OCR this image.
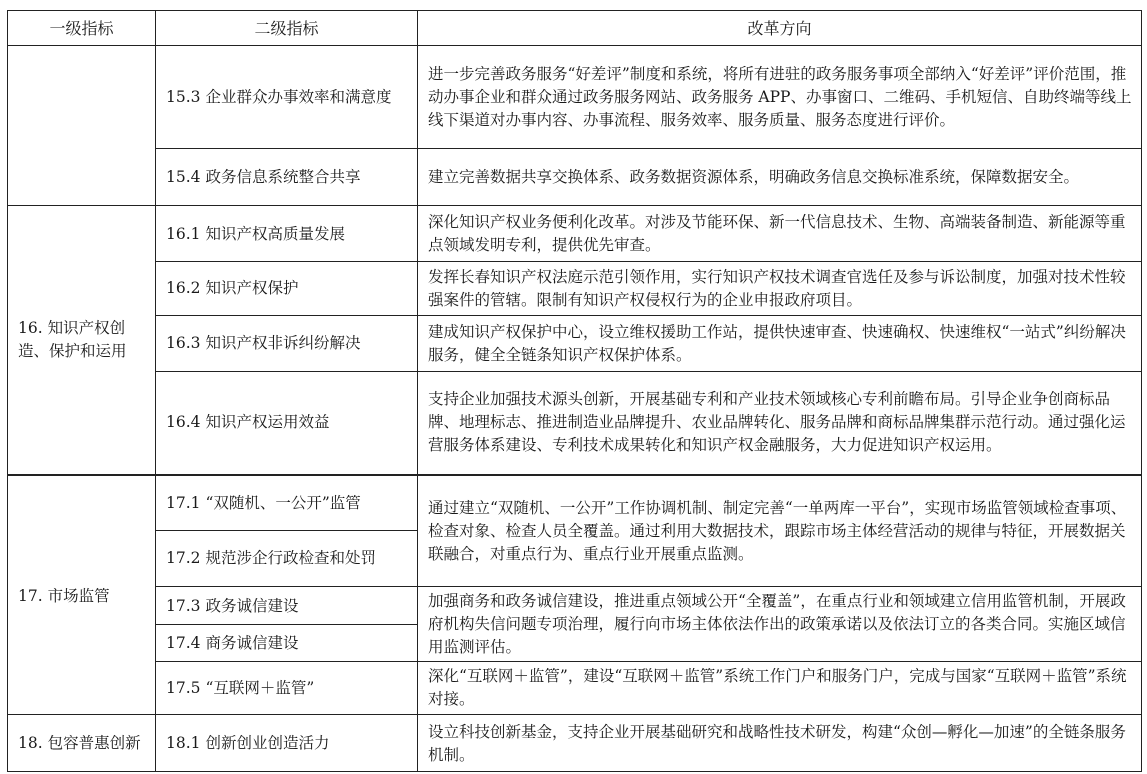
一级指标	二级指标	改革方向
16. 知识产权创造、保护和运用
17. 市场监管
18. 包容普惠创新
15.3 企业群众办事效率和满意度
15.4 政务信息系统整合共享
16.1 知识产权高质量发展
16.2 知识产权保护
16.3 知识产权非诉纠纷解决
16.4 知识产权运用效益
17.1 “双随机、一公开”监管
17.2 规范涉企行政检查和处罚
17.3 政务诚信建设
17.4 商务诚信建设
17.5 “互联网＋监管”
18.1 创新创业创造活力
进一步完善政务服务“好差评”制度和系统，将所有进驻的政务服务事项全部纳入“好差评”评价范围，推动办事企业和群众通过政务服务网站、政务服务 APP、办事窗口、二维码、手机短信、自助终端等线上线下渠道对办事内容、办事流程、服务效率、服务质量、服务态度进行评价。
建立完善数据共享交换体系、政务数据资源体系，明确政务信息交换标准系统，保障数据安全。
深化知识产权业务便利化改革。对涉及节能环保、新一代信息技术、生物、高端装备制造、新能源等重点领域发明专利，提供优先审查。
发挥长春知识产权法庭示范引领作用，实行知识产权技术调查官选任及参与诉讼制度，加强对技术性较强案件的管辖。限制有知识产权侵权行为的企业申报政府项目。
建成知识产权保护中心，设立维权援助工作站，提供快速审查、快速确权、快速维权“一站式”纠纷解决服务，健全全链条知识产权保护体系。
支持企业加强技术源头创新，开展基础专利和产业技术领域核心专利前瞻布局。引导企业争创商标品牌、地理标志、推进制造业品牌提升、农业品牌转化、服务品牌和商标品牌集群示范行动。通过强化运营服务体系建设、专利技术成果转化和知识产权金融服务，大力促进知识产权运用。
通过建立“双随机、一公开”工作协调机制、制定完善“一单两库一平台”，实现市场监管领域检查事项、检查对象、检查人员全覆盖。通过利用大数据技术，跟踪市场主体经营活动的规律与特征，开展数据关联融合，对重点行为、重点行业开展重点监测。
加强商务和政务诚信建设，推进重点领域公开“全覆盖”，在重点行业和领域建立信用监管机制，开展政府机构失信问题专项治理，履行向市场主体依法作出的政策承诺以及依法订立的各类合同。实施区域信用监测评估。
深化“互联网＋监管”，建设“互联网＋监管”系统工作门户和服务门户，完成与国家“互联网＋监管”系统对接。
设立科技创新基金，支持企业开展基础研究和战略性技术研发，构建“众创—孵化—加速”的全链条服务机制。
